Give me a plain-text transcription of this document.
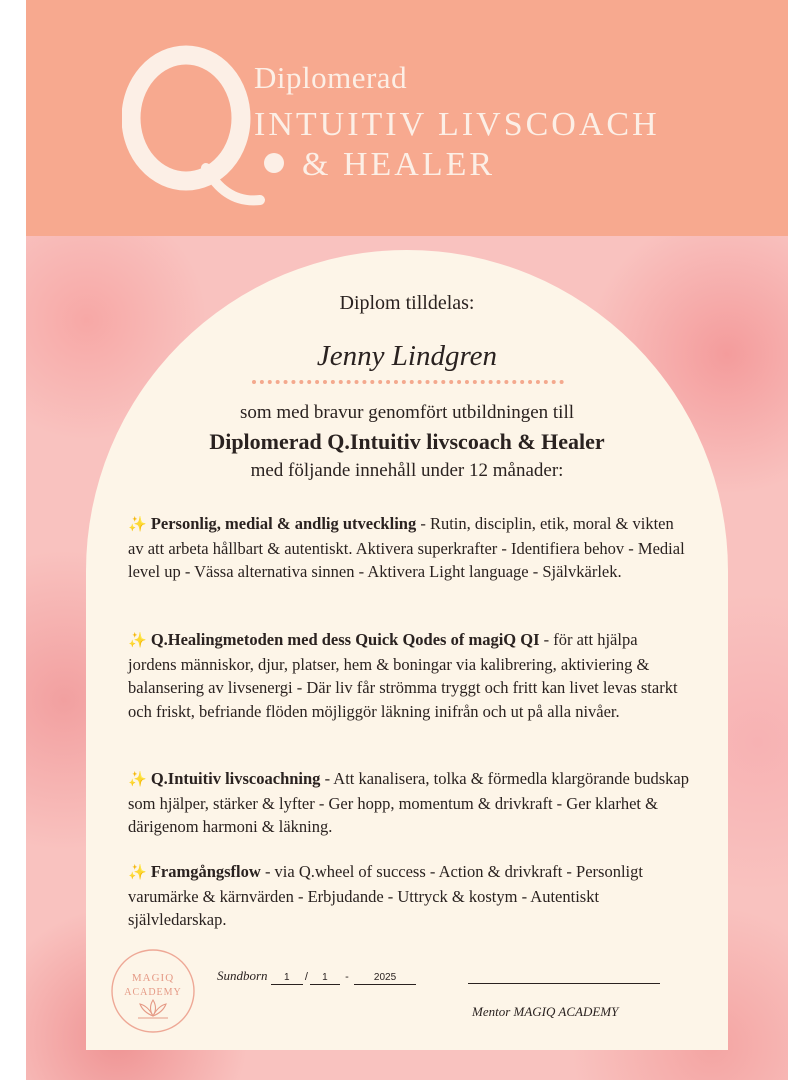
Diplomerad
INTUITIV LIVSCOACH
& HEALER
Diplom tilldelas:
Jenny Lindgren
som med bravur genomfört utbildningen till
Diplomerad Q.Intuitiv livscoach & Healer
med följande innehåll under 12 månader:
✨ Personlig, medial & andlig utveckling - Rutin, disciplin, etik, moral & vikten av att arbeta hållbart & autentiskt. Aktivera superkrafter - Identifiera behov - Medial level up - Vässa alternativa sinnen - Aktivera Light language - Självkärlek.
✨ Q.Healingmetoden med dess Quick Qodes of magiQ QI - för att hjälpa jordens människor, djur, platser, hem & boningar via kalibrering, aktiviering & balansering av livsenergi - Där liv får strömma tryggt och fritt kan livet levas starkt och friskt, befriande flöden möjliggör läkning inifrån och ut på alla nivåer.
✨ Q.Intuitiv livscoachning - Att kanalisera, tolka & förmedla klargörande budskap som hjälper, stärker & lyfter - Ger hopp, momentum & drivkraft - Ger klarhet & därigenom harmoni & läkning.
✨ Framgångsflow - via Q.wheel of success - Action & drivkraft - Personligt varumärke & kärnvärden - Erbjudande - Uttryck & kostym - Autentiskt självledarskap.
MAGIQ
ACADEMY
Sundborn 1 / 1 -	2025
Mentor MAGIQ ACADEMY
